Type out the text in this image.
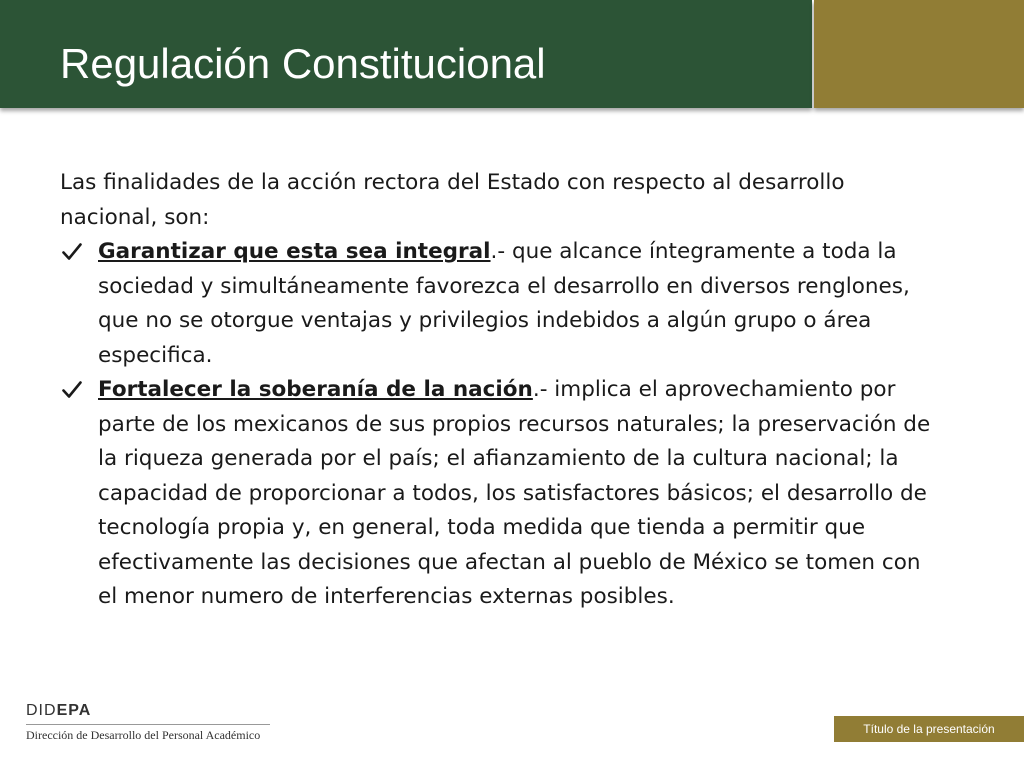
Regulación Constitucional

Las finalidades de la acción rectora del Estado con respecto al desarrollo nacional, son:

Garantizar que esta sea integral.- que alcance íntegramente a toda la sociedad y simultáneamente favorezca el desarrollo en diversos renglones, que no se otorgue ventajas y privilegios indebidos a algún grupo o área especifica.
Fortalecer la soberanía de la nación.- implica el aprovechamiento por parte de los mexicanos de sus propios recursos naturales; la preservación de la riqueza generada por el país; el afianzamiento de la cultura nacional; la capacidad de proporcionar a todos, los satisfactores básicos; el desarrollo de tecnología propia y, en general, toda medida que tienda a permitir que efectivamente las decisiones que afectan al pueblo de México se tomen con el menor numero de interferencias externas posibles.
DIDEPA
Dirección de Desarrollo del Personal Académico	Título de la presentación
